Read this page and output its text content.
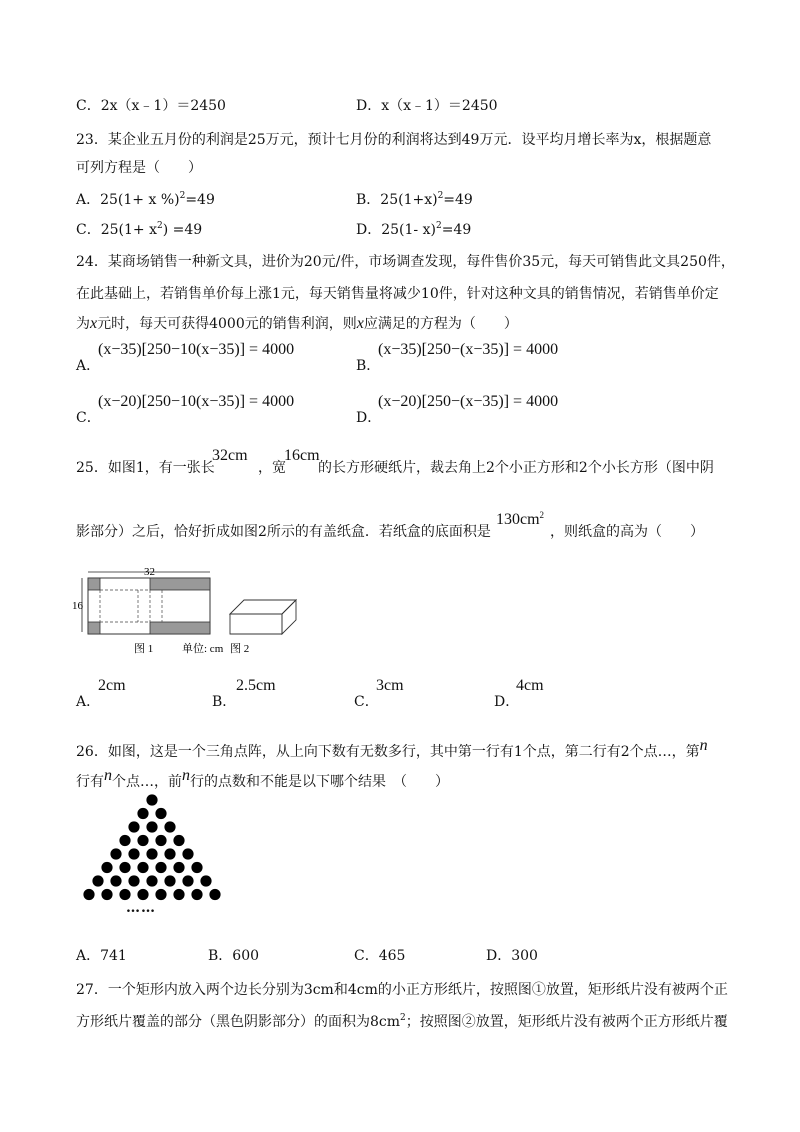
C．2x（x﹣1）＝2450	D．x（x﹣1）＝2450
23．某企业五月份的利润是25万元，预计七月份的利润将达到49万元．设平均月增长率为x，根据题意
可列方程是（　　）
A．25(1+ x %)$^2$=49	B．$25(1+x)^2=49$
C．$25(1+ x^2) =49$	D．25(1- x)$^2$=49
24．某商场销售一种新文具，进价为20元/件，市场调查发现，每件售价35元，每天可销售此文具250件，
在此基础上，若销售单价每上涨1元，每天销售量将减少10件，针对这种文具的销售情况，若销售单价定
为x元时，每天可获得4000元的销售利润，则x应满足的方程为（　　）
A．
(x−35)[250−10(x−35)] = 4000
B．
(x−35)[250−(x−35)] = 4000
C．
(x−20)[250−10(x−35)] = 4000
D．
(x−20)[250−(x−35)] = 4000
25．如图1，有一张长
32cm
，宽
16cm
的长方形硬纸片，裁去角上2个小正方形和2个小长方形（图中阴
影部分）之后，恰好折成如图2所示的有盖纸盒．若纸盒的底面积是
$130cm^2$
，则纸盒的高为（　　）
32
16
图 1	单位: cm 图 2
A．
2cm
B．
2.5cm
C．
3cm
D．
4cm
26．如图，这是一个三角点阵，从上向下数有无数多行，其中第一行有1个点，第二行有2个点…，第n
行有n个点…，前n行的点数和不能是以下哪个结果　（　　）
……
A．741	B．600	C．465	D．300
27．一个矩形内放入两个边长分别为3cm和4cm的小正方形纸片，按照图①放置，矩形纸片没有被两个正
方形纸片覆盖的部分（黑色阴影部分）的面积为$8cm^2$；按照图②放置，矩形纸片没有被两个正方形纸片覆
